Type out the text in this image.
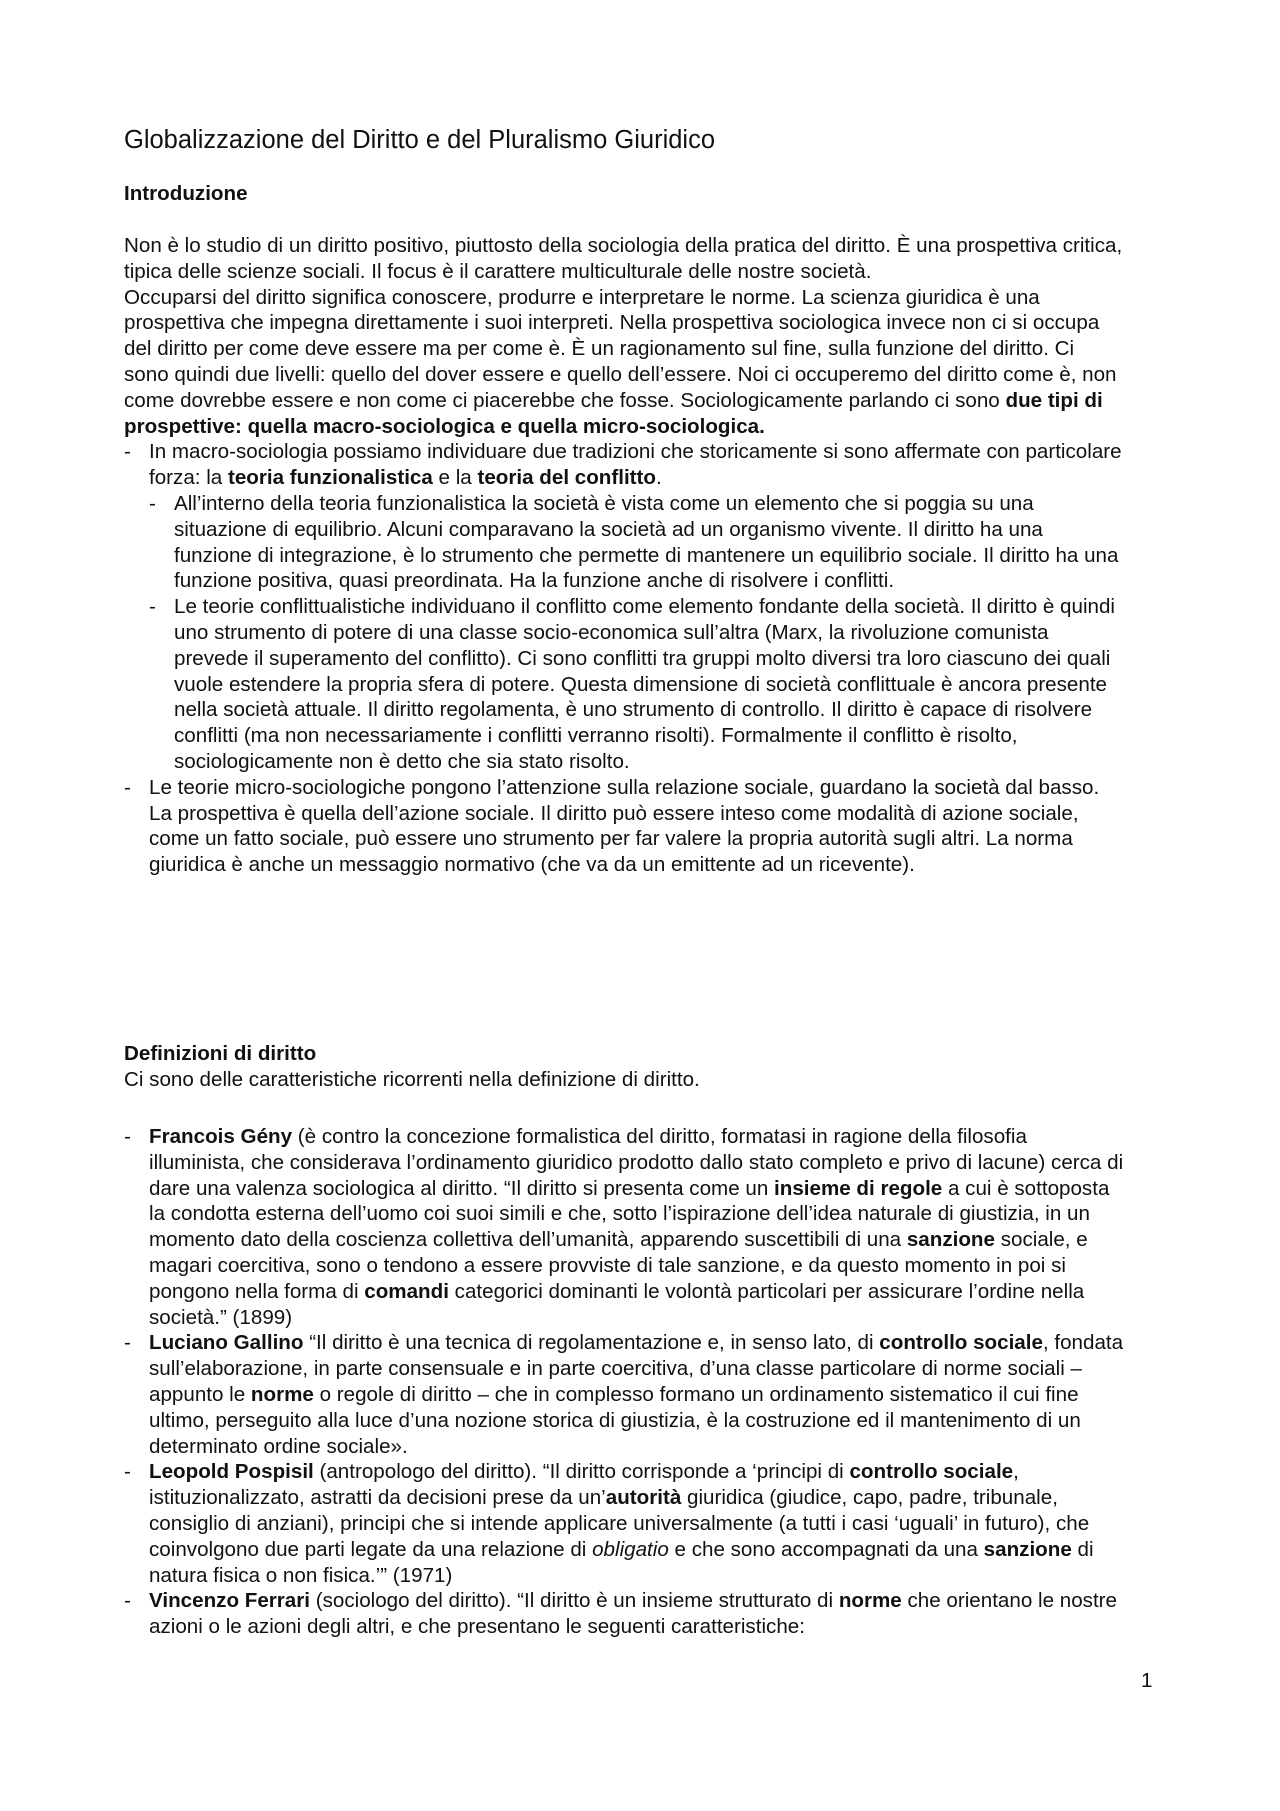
Globalizzazione del Diritto e del Pluralismo Giuridico
Introduzione

Non è lo studio di un diritto positivo, piuttosto della sociologia della pratica del diritto. È una prospettiva critica, tipica delle scienze sociali. Il focus è il carattere multiculturale delle nostre società.

Occuparsi del diritto significa conoscere, produrre e interpretare le norme. La scienza giuridica è una prospettiva che impegna direttamente i suoi interpreti. Nella prospettiva sociologica invece non ci si occupa del diritto per come deve essere ma per come è. È un ragionamento sul fine, sulla funzione del diritto. Ci sono quindi due livelli: quello del dover essere e quello dell’essere. Noi ci occuperemo del diritto come è, non come dovrebbe essere e non come ci piacerebbe che fosse. Sociologicamente parlando ci sono due tipi di prospettive: quella macro-sociologica e quella micro-sociologica.

- In macro-sociologia possiamo individuare due tradizioni che storicamente si sono affermate con particolare forza: la teoria funzionalistica e la teoria del conflitto.
- All’interno della teoria funzionalistica la società è vista come un elemento che si poggia su una situazione di equilibrio. Alcuni comparavano la società ad un organismo vivente. Il diritto ha una funzione di integrazione, è lo strumento che permette di mantenere un equilibrio sociale. Il diritto ha una funzione positiva, quasi preordinata. Ha la funzione anche di risolvere i conflitti.
- Le teorie conflittualistiche individuano il conflitto come elemento fondante della società. Il diritto è quindi uno strumento di potere di una classe socio-economica sull’altra (Marx, la rivoluzione comunista prevede il superamento del conflitto). Ci sono conflitti tra gruppi molto diversi tra loro ciascuno dei quali vuole estendere la propria sfera di potere. Questa dimensione di società conflittuale è ancora presente nella società attuale. Il diritto regolamenta, è uno strumento di controllo. Il diritto è capace di risolvere conflitti (ma non necessariamente i conflitti verranno risolti). Formalmente il conflitto è risolto, sociologicamente non è detto che sia stato risolto.
- Le teorie micro-sociologiche pongono l’attenzione sulla relazione sociale, guardano la società dal basso. La prospettiva è quella dell’azione sociale. Il diritto può essere inteso come modalità di azione sociale, come un fatto sociale, può essere uno strumento per far valere la propria autorità sugli altri. La norma giuridica è anche un messaggio normativo (che va da un emittente ad un ricevente).
Definizioni di diritto

Ci sono delle caratteristiche ricorrenti nella definizione di diritto.

- Francois Gény (è contro la concezione formalistica del diritto, formatasi in ragione della filosofia illuminista, che considerava l’ordinamento giuridico prodotto dallo stato completo e privo di lacune) cerca di dare una valenza sociologica al diritto. “Il diritto si presenta come un insieme di regole a cui è sottoposta la condotta esterna dell’uomo coi suoi simili e che, sotto l’ispirazione dell’idea naturale di giustizia, in un momento dato della coscienza collettiva dell’umanità, apparendo suscettibili di una sanzione sociale, e magari coercitiva, sono o tendono a essere provviste di tale sanzione, e da questo momento in poi si pongono nella forma di comandi categorici dominanti le volontà particolari per assicurare l’ordine nella società.” (1899)
- Luciano Gallino “Il diritto è una tecnica di regolamentazione e, in senso lato, di controllo sociale, fondata sull’elaborazione, in parte consensuale e in parte coercitiva, d’una classe particolare di norme sociali – appunto le norme o regole di diritto – che in complesso formano un ordinamento sistematico il cui fine ultimo, perseguito alla luce d’una nozione storica di giustizia, è la costruzione ed il mantenimento di un determinato ordine sociale».
- Leopold Pospisil (antropologo del diritto). “Il diritto corrisponde a ‘principi di controllo sociale, istituzionalizzato, astratti da decisioni prese da un’autorità giuridica (giudice, capo, padre, tribunale, consiglio di anziani), principi che si intende applicare universalmente (a tutti i casi ‘uguali’ in futuro), che coinvolgono due parti legate da una relazione di obligatio e che sono accompagnati da una sanzione di natura fisica o non fisica.’” (1971)
- Vincenzo Ferrari (sociologo del diritto). “Il diritto è un insieme strutturato di norme che orientano le nostre azioni o le azioni degli altri, e che presentano le seguenti caratteristiche:
1
